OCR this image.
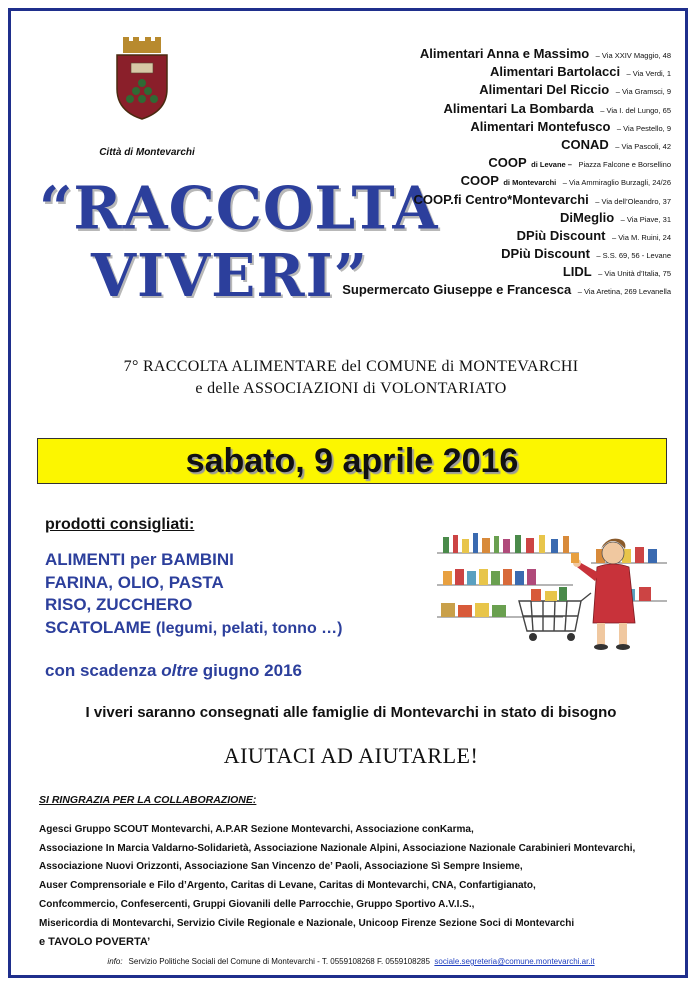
Città di Montevarchi
“RACCOLTA
VIVERI”
Alimentari Anna e Massimo – Via XXIV Maggio, 48
Alimentari Bartolacci – Via Verdi, 1
Alimentari Del Riccio – Via Gramsci, 9
Alimentari La Bombarda – Via I. del Lungo, 65
Alimentari Montefusco – Via Pestello, 9
CONAD – Via Pascoli, 42
COOP di Levane – Piazza Falcone e Borsellino
COOP di Montevarchi – Via Ammiraglio Burzagli, 24/26
COOP.fi Centro*Montevarchi – Via dell’Oleandro, 37
DiMeglio – Via Piave, 31
DPiù Discount – Via M. Ruini, 24
DPiù Discount – S.S. 69, 56 - Levane
LIDL – Via Unità d’Italia, 75
Supermercato Giuseppe e Francesca – Via Aretina, 269 Levanella
7° RACCOLTA ALIMENTARE del COMUNE di MONTEVARCHI
e delle ASSOCIAZIONI di VOLONTARIATO
sabato, 9 aprile 2016
prodotti consigliati:
ALIMENTI per BAMBINI
FARINA, OLIO, PASTA
RISO, ZUCCHERO
SCATOLAME (legumi, pelati, tonno …)
con scadenza oltre giugno 2016
I viveri saranno consegnati alle famiglie di Montevarchi in stato di bisogno
AIUTACI AD AIUTARLE!
SI RINGRAZIA PER LA COLLABORAZIONE:
Agesci Gruppo SCOUT Montevarchi, A.P.AR Sezione Montevarchi, Associazione conKarma,
Associazione In Marcia Valdarno-Solidarietà, Associazione Nazionale Alpini, Associazione Nazionale Carabinieri Montevarchi,
Associazione Nuovi Orizzonti, Associazione San Vincenzo de’ Paoli, Associazione Sì Sempre Insieme,
Auser Comprensoriale e Filo d’Argento, Caritas di Levane, Caritas di Montevarchi, CNA, Confartigianato,
Confcommercio, Confesercenti, Gruppi Giovanili delle Parrocchie, Gruppo Sportivo A.V.I.S.,
Misericordia di Montevarchi, Servizio Civile Regionale e Nazionale, Unicoop Firenze Sezione Soci di Montevarchi
e TAVOLO POVERTA’
info: Servizio Politiche Sociali del Comune di Montevarchi - T. 0559108268 F. 0559108285 sociale.segreteria@comune.montevarchi.ar.it
